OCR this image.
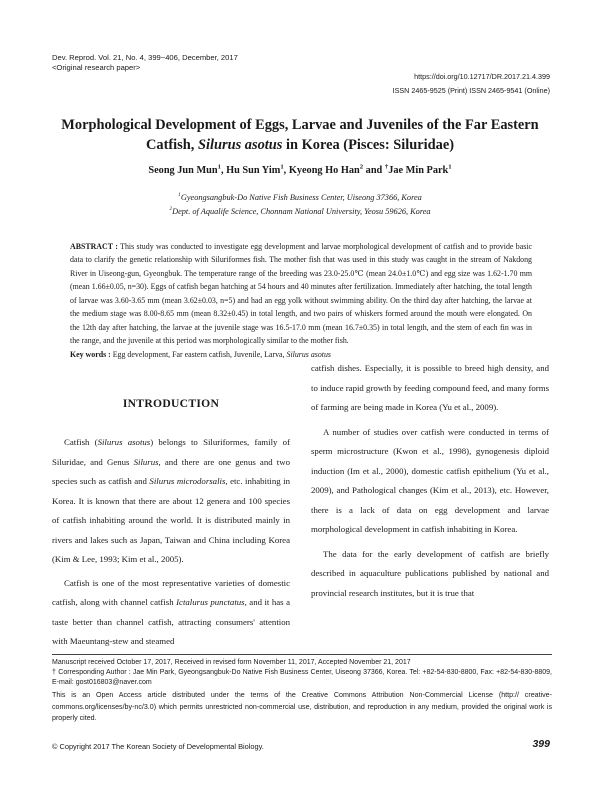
Dev. Reprod. Vol. 21, No. 4, 399~406, December, 2017
<Original research paper>
https://doi.org/10.12717/DR.2017.21.4.399
ISSN 2465-9525 (Print) ISSN 2465-9541 (Online)
Morphological Development of Eggs, Larvae and Juveniles of the Far Eastern Catfish, Silurus asotus in Korea (Pisces: Siluridae)
Seong Jun Mun$^1$, Hu Sun Yim$^1$, Kyeong Ho Han$^2$ and †Jae Min Park$^1$
$^1$Gyeongsangbuk-Do Native Fish Business Center, Uiseong 37366, Korea
$^2$Dept. of Aqualife Science, Chonnam National University, Yeosu 59626, Korea
ABSTRACT : This study was conducted to investigate egg development and larvae morphological development of catfish and to provide basic data to clarify the genetic relationship with Siluriformes fish. The mother fish that was used in this study was caught in the stream of Nakdong River in Uiseong-gun, Gyeongbuk. The temperature range of the breeding was 23.0-25.0℃ (mean 24.0±1.0℃) and egg size was 1.62-1.70 mm (mean 1.66±0.05, n=30). Eggs of catfish began hatching at 54 hours and 40 minutes after fertilization. Immediately after hatching, the total length of larvae was 3.60-3.65 mm (mean 3.62±0.03, n=5) and had an egg yolk without swimming ability. On the third day after hatching, the larvae at the medium stage was 8.00-8.65 mm (mean 8.32±0.45) in total length, and two pairs of whiskers formed around the mouth were elongated. On the 12th day after hatching, the larvae at the juvenile stage was 16.5-17.0 mm (mean 16.7±0.35) in total length, and the stem of each fin was in the range, and the juvenile at this period was morphologically similar to the mother fish.
Key words : Egg development, Far eastern catfish, Juvenile, Larva, Silurus asotus
INTRODUCTION

Catfish (Silurus asotus) belongs to Siluriformes, family of Siluridae, and Genus Silurus, and there are one genus and two species such as catfish and Silurus microdorsalis, etc. inhabiting in Korea. It is known that there are about 12 genera and 100 species of catfish inhabiting around the world. It is distributed mainly in rivers and lakes such as Japan, Taiwan and China including Korea (Kim & Lee, 1993; Kim et al., 2005).

Catfish is one of the most representative varieties of domestic catfish, along with channel catfish Ictalurus punctatus, and it has a taste better than channel catfish, attracting consumers' attention with Maeuntang-stew and steamed

catfish dishes. Especially, it is possible to breed high density, and to induce rapid growth by feeding compound feed, and many forms of farming are being made in Korea (Yu et al., 2009).

A number of studies over catfish were conducted in terms of sperm microstructure (Kwon et al., 1998), gynogenesis diploid induction (Im et al., 2000), domestic catfish epithelium (Yu et al., 2009), and Pathological changes (Kim et al., 2013), etc. However, there is a lack of data on egg development and larvae morphological development in catfish inhabiting in Korea.

The data for the early development of catfish are briefly described in aquaculture publications published by national and provincial research institutes, but it is true that

Manuscript received October 17, 2017, Received in revised form November 11, 2017, Accepted November 21, 2017
† Corresponding Author : Jae Min Park, Gyeongsangbuk-Do Native Fish Business Center, Uiseong 37366, Korea. Tel: +82-54-830-8800, Fax: +82-54-830-8809, E-mail: gost016803@naver.com
This is an Open Access article distributed under the terms of the Creative Commons Attribution Non-Commercial License (http:// creative-commons.org/licenses/by-nc/3.0) which permits unrestricted non-commercial use, distribution, and reproduction in any medium, provided the original work is properly cited.
© Copyright 2017 The Korean Society of Developmental Biology.	399
